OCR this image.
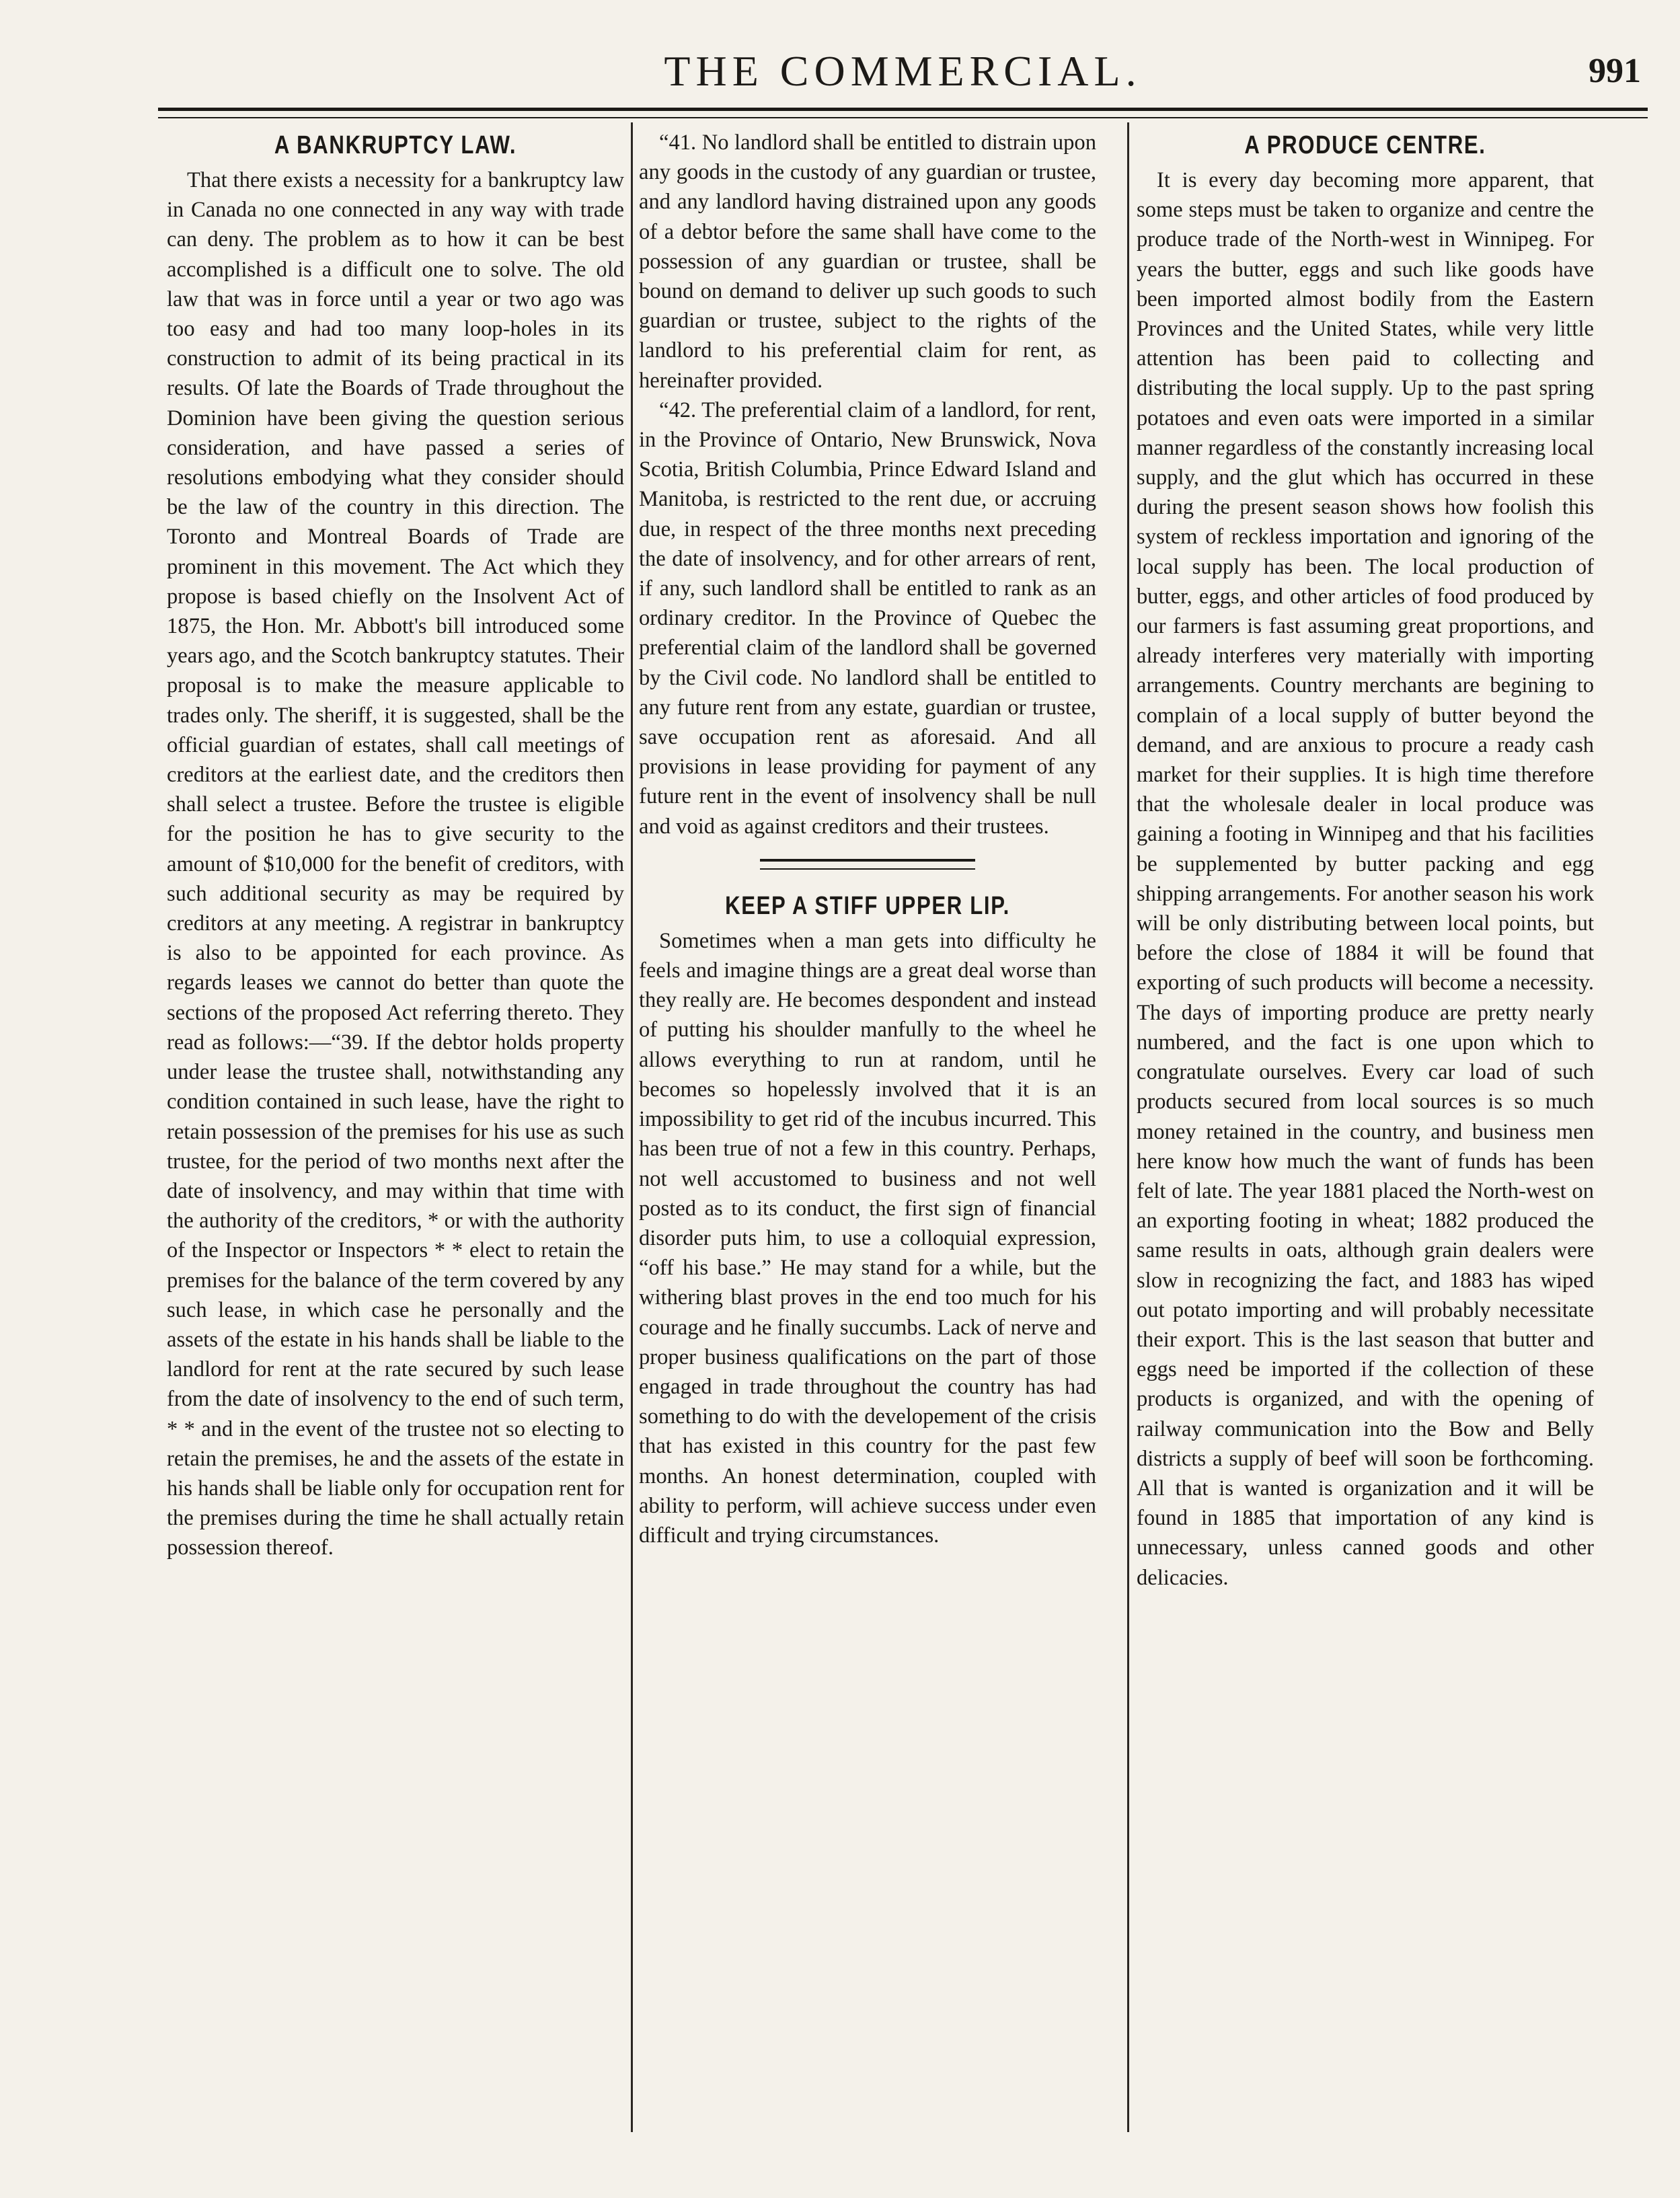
THE COMMERCIAL.	991
A BANKRUPTCY LAW.

That there exists a necessity for a bankruptcy law in Canada no one connected in any way with trade can deny. The problem as to how it can be best accomplished is a difficult one to solve. The old law that was in force until a year or two ago was too easy and had too many loop-holes in its construction to admit of its being practical in its results. Of late the Boards of Trade throughout the Dominion have been giving the question serious consideration, and have passed a series of resolutions embodying what they consider should be the law of the country in this direction. The Toronto and Montreal Boards of Trade are prominent in this movement. The Act which they propose is based chiefly on the Insolvent Act of 1875, the Hon. Mr. Abbott's bill introduced some years ago, and the Scotch bankruptcy statutes. Their proposal is to make the measure applicable to trades only. The sheriff, it is suggested, shall be the official guardian of estates, shall call meetings of creditors at the earliest date, and the creditors then shall select a trustee. Before the trustee is eligible for the position he has to give security to the amount of $10,000 for the benefit of creditors, with such additional security as may be required by creditors at any meeting. A registrar in bankruptcy is also to be appointed for each province. As regards leases we cannot do better than quote the sections of the proposed Act referring thereto. They read as follows:—“39. If the debtor holds property under lease the trustee shall, notwithstanding any condition contained in such lease, have the right to retain possession of the premises for his use as such trustee, for the period of two months next after the date of insolvency, and may within that time with the authority of the creditors, * or with the authority of the Inspector or Inspectors * * elect to retain the premises for the balance of the term covered by any such lease, in which case he personally and the assets of the estate in his hands shall be liable to the landlord for rent at the rate secured by such lease from the date of insolvency to the end of such term, * * and in the event of the trustee not so electing to retain the premises, he and the assets of the estate in his hands shall be liable only for occupation rent for the premises during the time he shall actually retain possession thereof.

“41. No landlord shall be entitled to distrain upon any goods in the custody of any guardian or trustee, and any landlord having distrained upon any goods of a debtor before the same shall have come to the possession of any guardian or trustee, shall be bound on demand to deliver up such goods to such guardian or trustee, subject to the rights of the landlord to his preferential claim for rent, as hereinafter provided.

“42. The preferential claim of a landlord, for rent, in the Province of Ontario, New Brunswick, Nova Scotia, British Columbia, Prince Edward Island and Manitoba, is restricted to the rent due, or accruing due, in respect of the three months next preceding the date of insolvency, and for other arrears of rent, if any, such landlord shall be entitled to rank as an ordinary creditor. In the Province of Quebec the preferential claim of the landlord shall be governed by the Civil code. No landlord shall be entitled to any future rent from any estate, guardian or trustee, save occupation rent as aforesaid. And all provisions in lease providing for payment of any future rent in the event of insolvency shall be null and void as against creditors and their trustees.

KEEP A STIFF UPPER LIP.

Sometimes when a man gets into difficulty he feels and imagine things are a great deal worse than they really are. He becomes despondent and instead of putting his shoulder manfully to the wheel he allows everything to run at random, until he becomes so hopelessly involved that it is an impossibility to get rid of the incubus incurred. This has been true of not a few in this country. Perhaps, not well accustomed to business and not well posted as to its conduct, the first sign of financial disorder puts him, to use a colloquial expression, “off his base.” He may stand for a while, but the withering blast proves in the end too much for his courage and he finally succumbs. Lack of nerve and proper business qualifications on the part of those engaged in trade throughout the country has had something to do with the developement of the crisis that has existed in this country for the past few months. An honest determination, coupled with ability to perform, will achieve success under even difficult and trying circumstances.

A PRODUCE CENTRE.

It is every day becoming more apparent, that some steps must be taken to organize and centre the produce trade of the North-west in Winnipeg. For years the butter, eggs and such like goods have been imported almost bodily from the Eastern Provinces and the United States, while very little attention has been paid to collecting and distributing the local supply. Up to the past spring potatoes and even oats were imported in a similar manner regardless of the constantly increasing local supply, and the glut which has occurred in these during the present season shows how foolish this system of reckless importation and ignoring of the local supply has been. The local production of butter, eggs, and other articles of food produced by our farmers is fast assuming great proportions, and already interferes very materially with importing arrangements. Country merchants are begining to complain of a local supply of butter beyond the demand, and are anxious to procure a ready cash market for their supplies. It is high time therefore that the wholesale dealer in local produce was gaining a footing in Winnipeg and that his facilities be supplemented by butter packing and egg shipping arrangements. For another season his work will be only distributing between local points, but before the close of 1884 it will be found that exporting of such products will become a necessity. The days of importing produce are pretty nearly numbered, and the fact is one upon which to congratulate ourselves. Every car load of such products secured from local sources is so much money retained in the country, and business men here know how much the want of funds has been felt of late. The year 1881 placed the North-west on an exporting footing in wheat; 1882 produced the same results in oats, although grain dealers were slow in recognizing the fact, and 1883 has wiped out potato importing and will probably necessitate their export. This is the last season that butter and eggs need be imported if the collection of these products is organized, and with the opening of railway communication into the Bow and Belly districts a supply of beef will soon be forthcoming. All that is wanted is organization and it will be found in 1885 that importation of any kind is unnecessary, unless canned goods and other delicacies.
